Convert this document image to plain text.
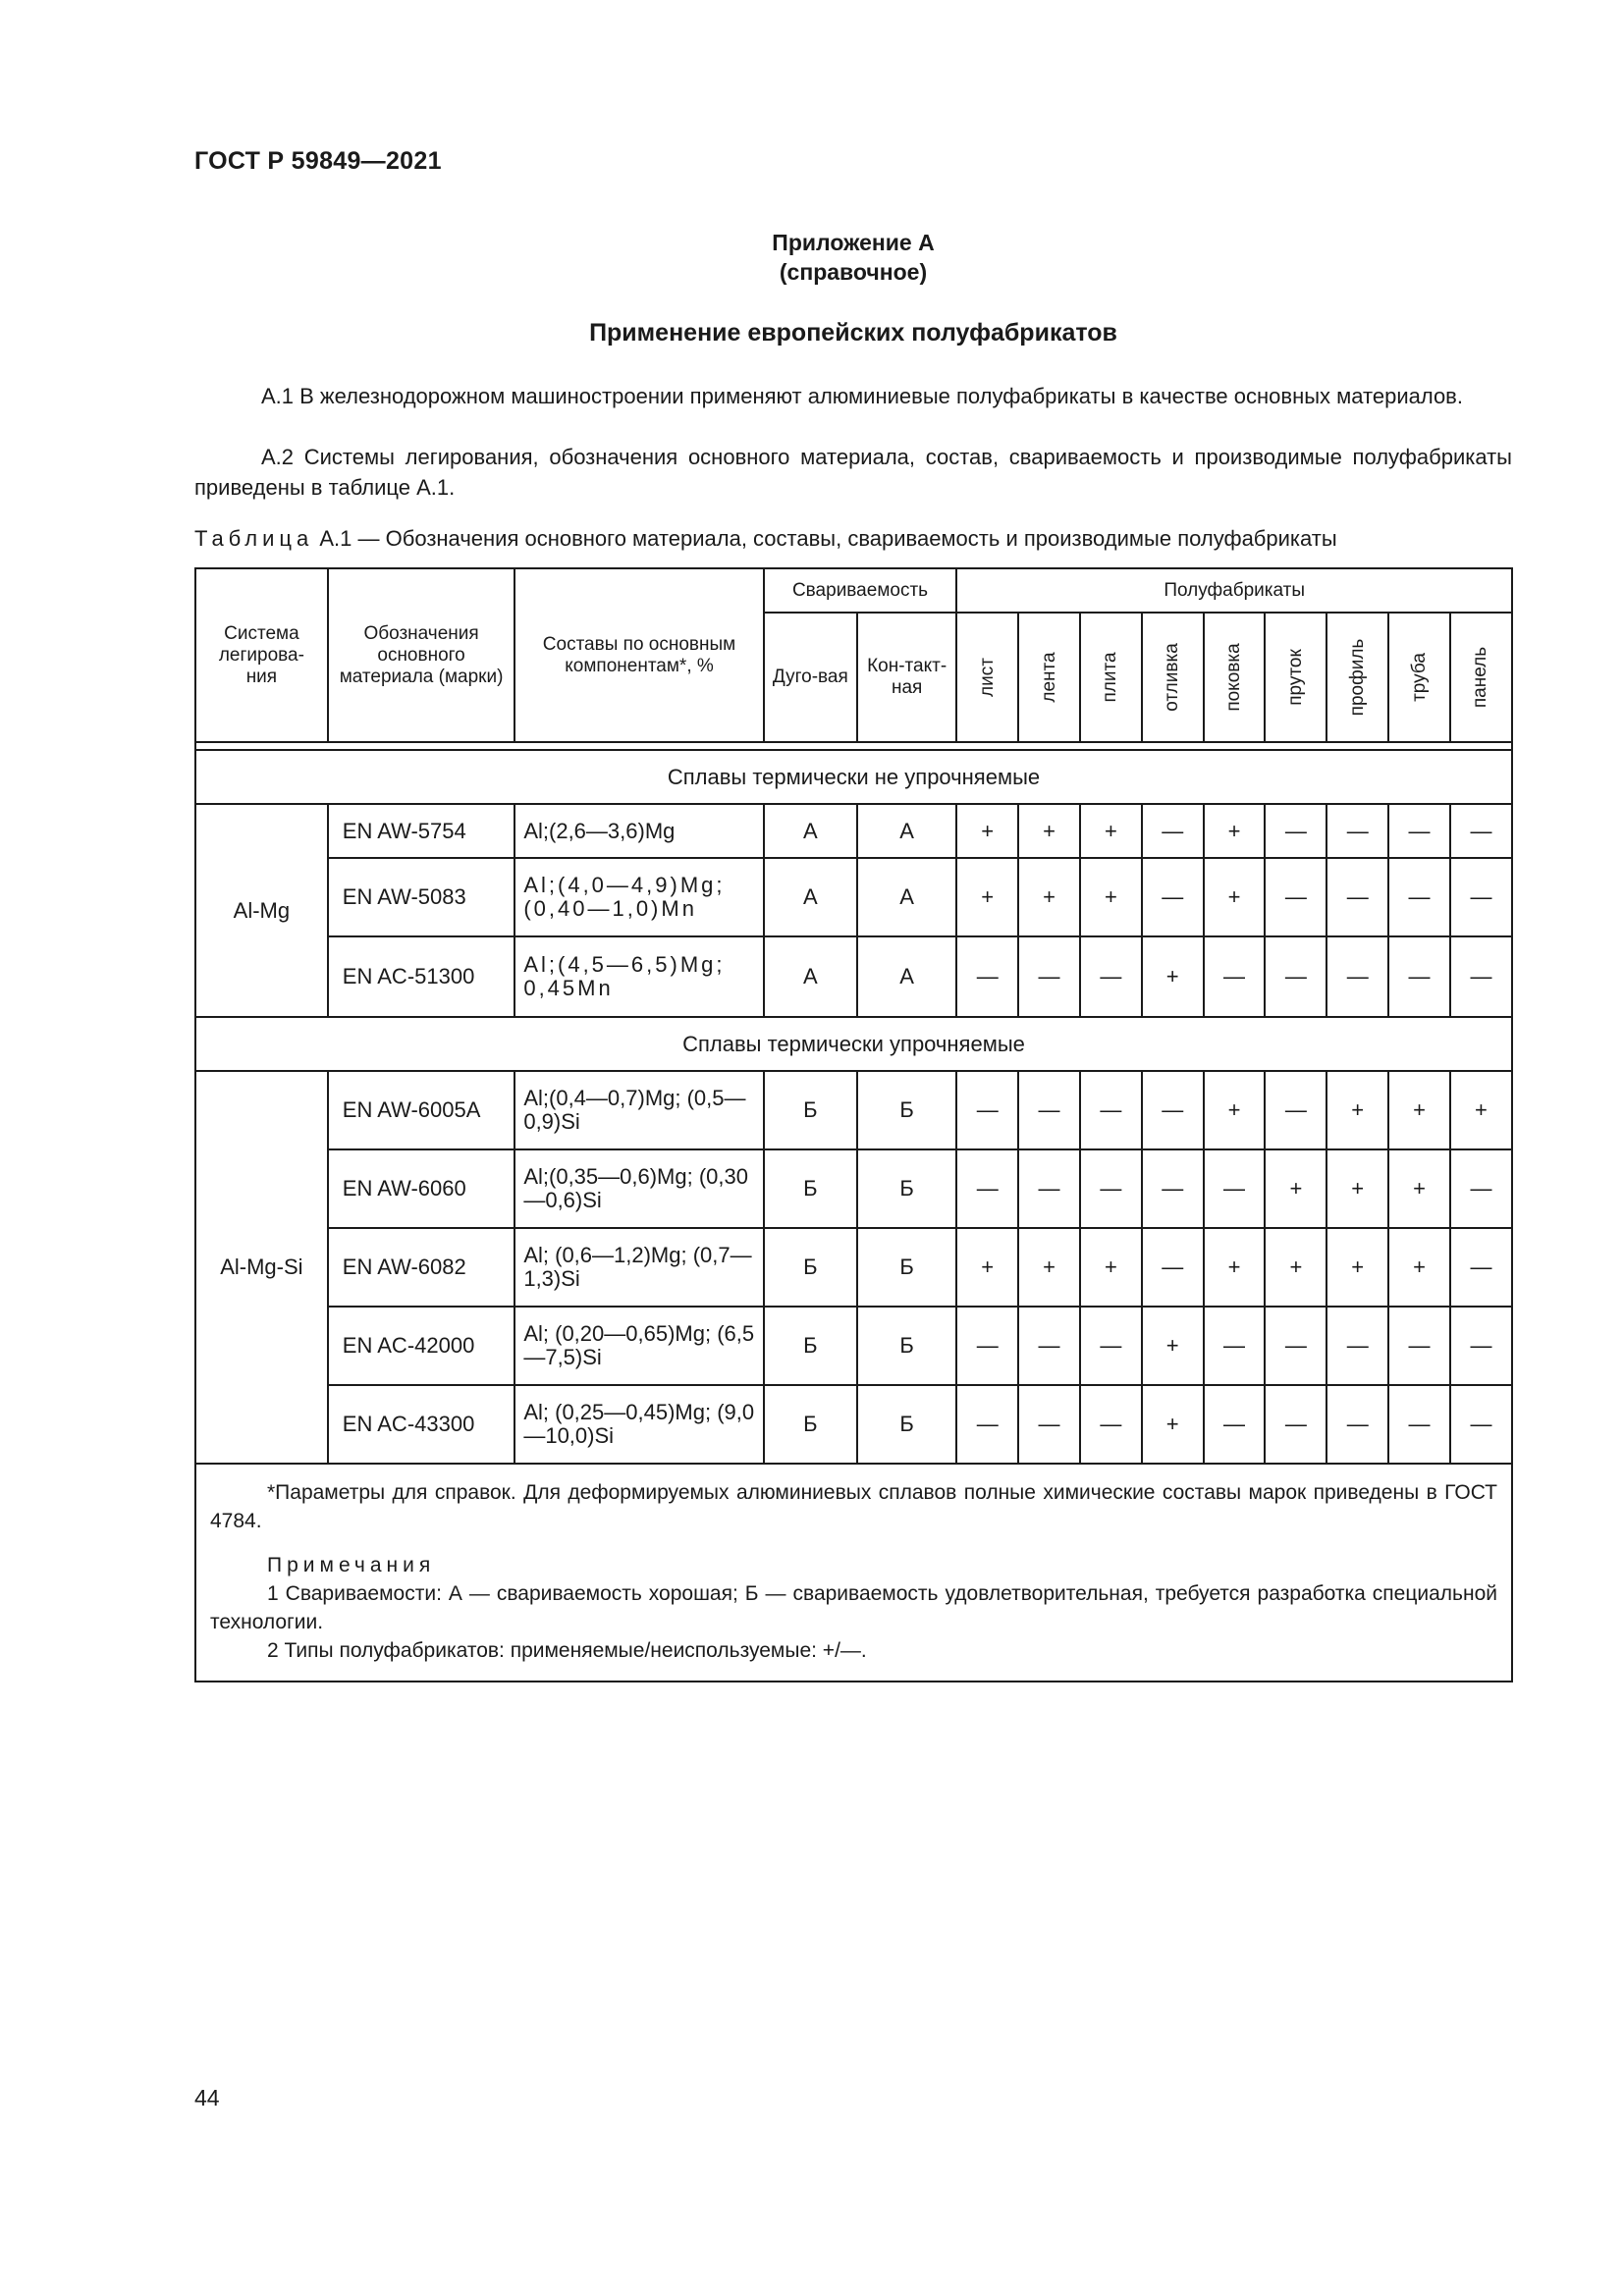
ГОСТ Р 59849—2021
Приложение А
(справочное)
Применение европейских полуфабрикатов
А.1 В железнодорожном машиностроении применяют алюминиевые полуфабрикаты в качестве основных материалов.
А.2 Системы легирования, обозначения основного материала, состав, свариваемость и производимые полуфабрикаты приведены в таблице А.1.
Таблица А.1 — Обозначения основного материала, составы, свариваемость и производимые полуфабрикаты
Система легирова-ния	Обозначения основного материала (марки)	Составы по основным компонентам*, %	Свариваемость		Полуфабрикаты								
			Дуго-вая	Кон-такт-ная	лист	лента	плита	отливка	поковка	пруток	профиль	труба	панель

Сплавы термически не упрочняемые													
Al-Mg	EN AW-5754	Al;(2,6—3,6)Mg	А	А	+	+	+	—	+	—	—	—	—
	EN AW-5083	Al;(4,0—4,9)Mg; (0,40—1,0)Mn	А	А	+	+	+	—	+	—	—	—	—
	EN AC-51300	Al;(4,5—6,5)Mg; 0,45Mn	А	А	—	—	—	+	—	—	—	—	—
Сплавы термически упрочняемые													
Al-Mg-Si	EN AW-6005A	Al;(0,4—0,7)Mg; (0,5—0,9)Si	Б	Б	—	—	—	—	+	—	+	+	+
	EN AW-6060	Al;(0,35—0,6)Mg; (0,30—0,6)Si	Б	Б	—	—	—	—	—	+	+	+	—
	EN AW-6082	Al; (0,6—1,2)Mg; (0,7—1,3)Si	Б	Б	+	+	+	—	+	+	+	+	—
	EN AC-42000	Al; (0,20—0,65)Mg; (6,5—7,5)Si	Б	Б	—	—	—	+	—	—	—	—	—
	EN AC-43300	Al; (0,25—0,45)Mg; (9,0—10,0)Si	Б	Б	—	—	—	+	—	—	—	—	—

*Параметры для справок. Для деформируемых алюминиевых сплавов полные химические составы марок приведены в ГОСТ 4784.

Примечания

1 Свариваемости: А — свариваемость хорошая; Б — свариваемость удовлетворительная, требуется разработка специальной технологии.

2 Типы полуфабрикатов: применяемые/неиспользуемые: +/—.													

44
